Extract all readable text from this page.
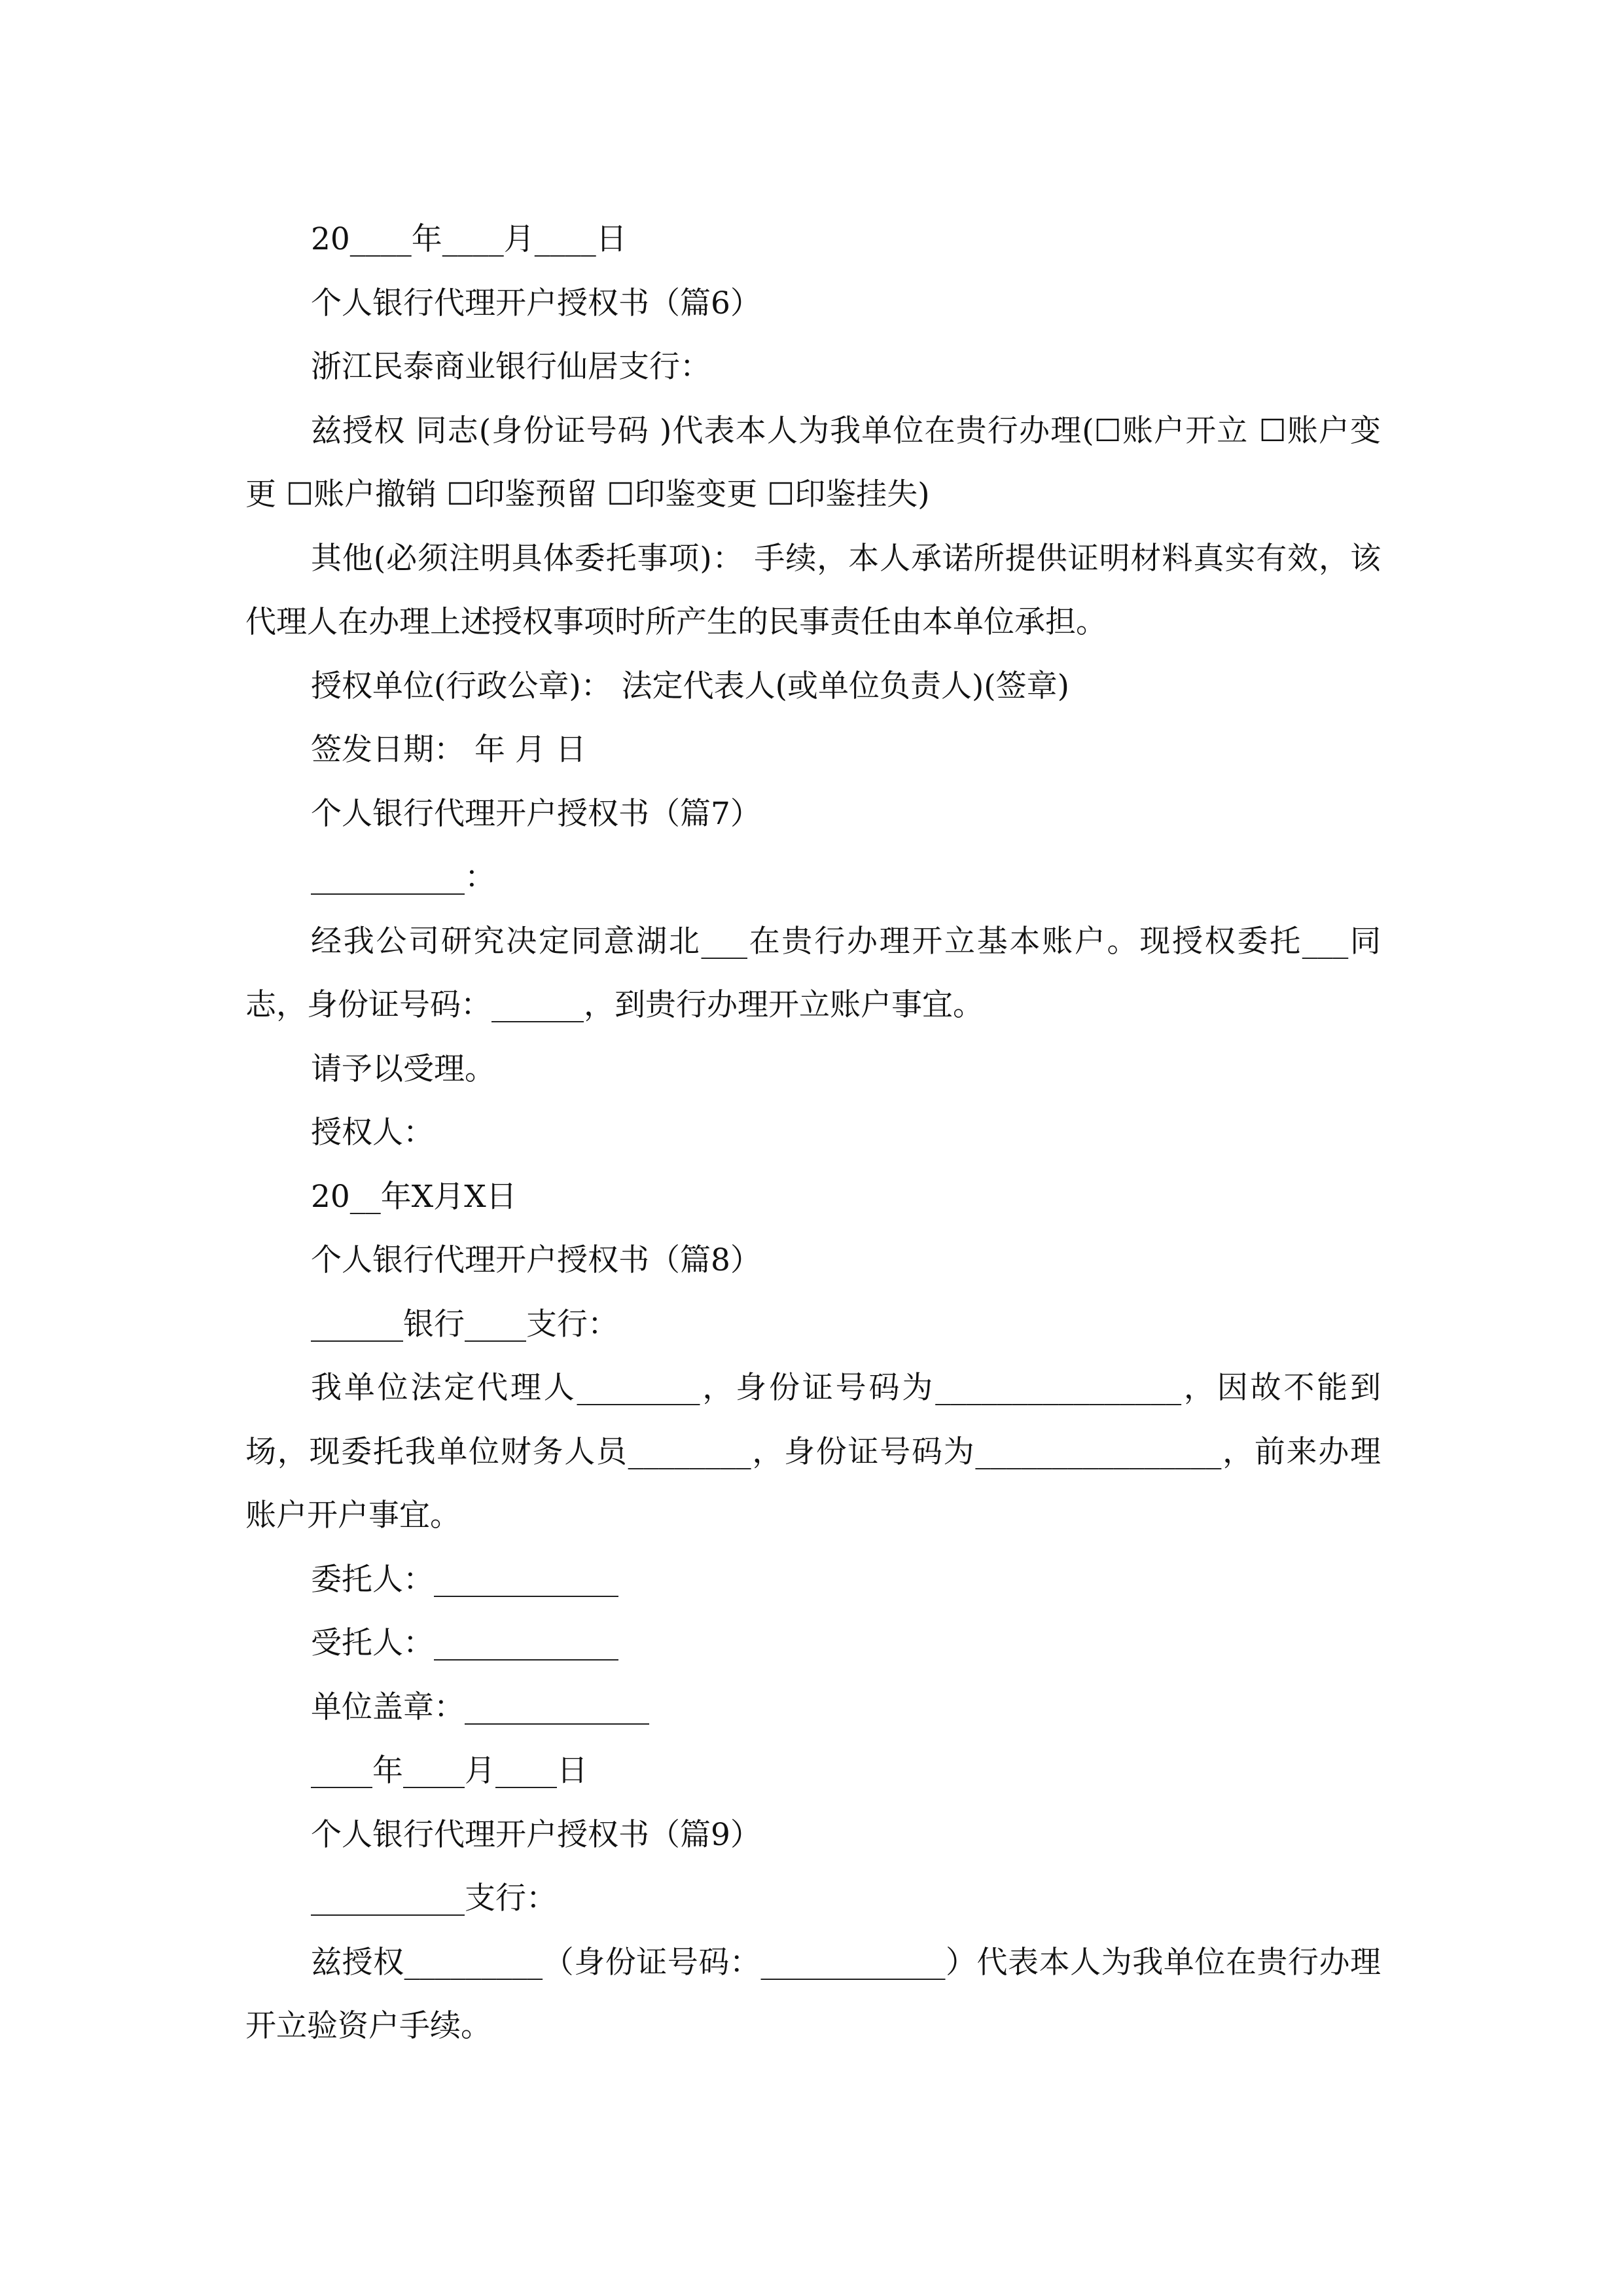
20____年____月____日

个人银行代理开户授权书（篇6）

浙江民泰商业银行仙居支行：

兹授权 同志(身份证号码 )代表本人为我单位在贵行办理(☐账户开立 ☐账户变更 ☐账户撤销 ☐印鉴预留 ☐印鉴变更 ☐印鉴挂失)

其他(必须注明具体委托事项)： 手续，本人承诺所提供证明材料真实有效，该代理人在办理上述授权事项时所产生的民事责任由本单位承担。

授权单位(行政公章)： 法定代表人(或单位负责人)(签章)

签发日期： 年 月 日

个人银行代理开户授权书（篇7）

__________：

经我公司研究决定同意湖北___在贵行办理开立基本账户。现授权委托___同志，身份证号码：______，到贵行办理开立账户事宜。

请予以受理。

授权人：

20__年X月X日

个人银行代理开户授权书（篇8）

______银行____支行：

我单位法定代理人________，身份证号码为________________，因故不能到场，现委托我单位财务人员________，身份证号码为________________，前来办理账户开户事宜。

委托人：____________

受托人：____________

单位盖章：____________

____年____月____日

个人银行代理开户授权书（篇9）

__________支行：

兹授权_________（身份证号码：____________）代表本人为我单位在贵行办理开立验资户手续。
